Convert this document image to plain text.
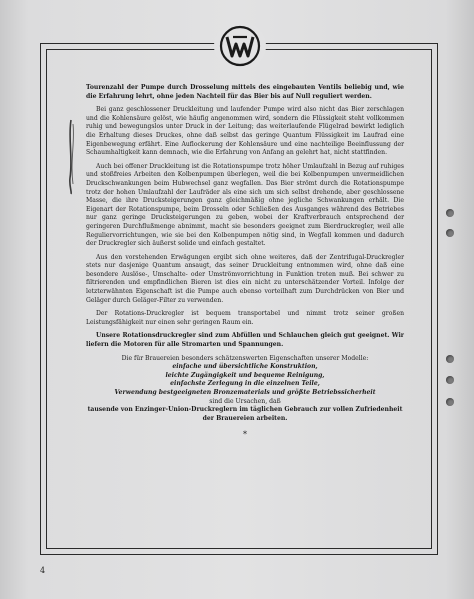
Tourenzahl der Pumpe durch Drosselung mittels des eingebauten Ventils beliebig und, wie die Erfahrung lehrt, ohne jeden Nachteil für das Bier bis auf Null reguliert werden.

Bei ganz geschlossener Druckleitung und laufender Pumpe wird also nicht das Bier zerschlagen und die Kohlensäure gelöst, wie häufig angenommen wird, sondern die Flüssigkeit steht vollkommen ruhig und bewegungslos unter Druck in der Leitung; das weiterlaufende Flügelrad bewirkt lediglich die Erhaltung dieses Druckes, ohne daß selbst das geringe Quantum Flüssigkeit im Laufrad eine Eigenbewegung erfährt. Eine Auflockerung der Kohlensäure und eine nachteilige Beeinflussung der Schaumhaltigkeit kann demnach, wie die Erfahrung von Anfang an gelehrt hat, nicht stattfinden.

Auch bei offener Druckleitung ist die Rotationspumpe trotz höher Umlaufzahl in Bezug auf ruhiges und stoßfreies Arbeiten den Kolbenpumpen überlegen, weil die bei Kolbenpumpen unvermeidlichen Druckschwankungen beim Hubwechsel ganz wegfallen. Das Bier strömt durch die Rotationspumpe trotz der hohen Umlaufzahl der Laufräder als eine sich um sich selbst drehende, aber geschlossene Masse, die ihre Drucksteigerungen ganz gleichmäßig ohne jegliche Schwankungen erhält. Die Eigenart der Rotationspumpe, beim Drosseln oder Schließen des Ausganges während des Betriebes nur ganz geringe Drucksteigerungen zu geben, wobei der Kraftverbrauch entsprechend der geringeren Durchflußmenge abnimmt, macht sie besonders geeignet zum Bierdruckregler, weil alle Reguliervorrichtungen, wie sie bei den Kolbenpumpen nötig sind, in Wegfall kommen und dadurch der Druckregler sich äußerst solide und einfach gestaltet.

Aus den vorstehenden Erwägungen ergibt sich ohne weiteres, daß der Zentrifugal-Druckregler stets nur dasjenige Quantum ansaugt, das seiner Druckleitung entnommen wird, ohne daß eine besondere Auslöse-, Umschalte- oder Umströmvorrichtung in Funktion treten muß. Bei schwer zu filtrierenden und empfindlichen Bieren ist dies ein nicht zu unterschätzender Vorteil. Infolge der letzterwähnten Eigenschaft ist die Pumpe auch ebenso vorteilhaft zum Durchdrücken von Bier und Geläger durch Geläger-Filter zu verwenden.

Der Rotations-Druckregler ist bequem transportabel und nimmt trotz seiner großen Leistungsfähigkeit nur einen sehr geringen Raum ein.

Unsere Rotationsdruckregler sind zum Abfüllen und Schlauchen gleich gut geeignet. Wir liefern die Motoren für alle Stromarten und Spannungen.

Die für Brauereien besonders schätzenswerten Eigenschaften unserer Modelle:

einfache und übersichtliche Konstruktion,

leichte Zugängigkeit und bequeme Reinigung,

einfachste Zerlegung in die einzelnen Teile,

Verwendung bestgeeigneten Bronzematerials und größte Betriebssicherheit

sind die Ursachen, daß

tausende von Enzinger-Union-Druckreglern im täglichen Gebrauch zur vollen Zufriedenheit der Brauereien arbeiten.

*

4
